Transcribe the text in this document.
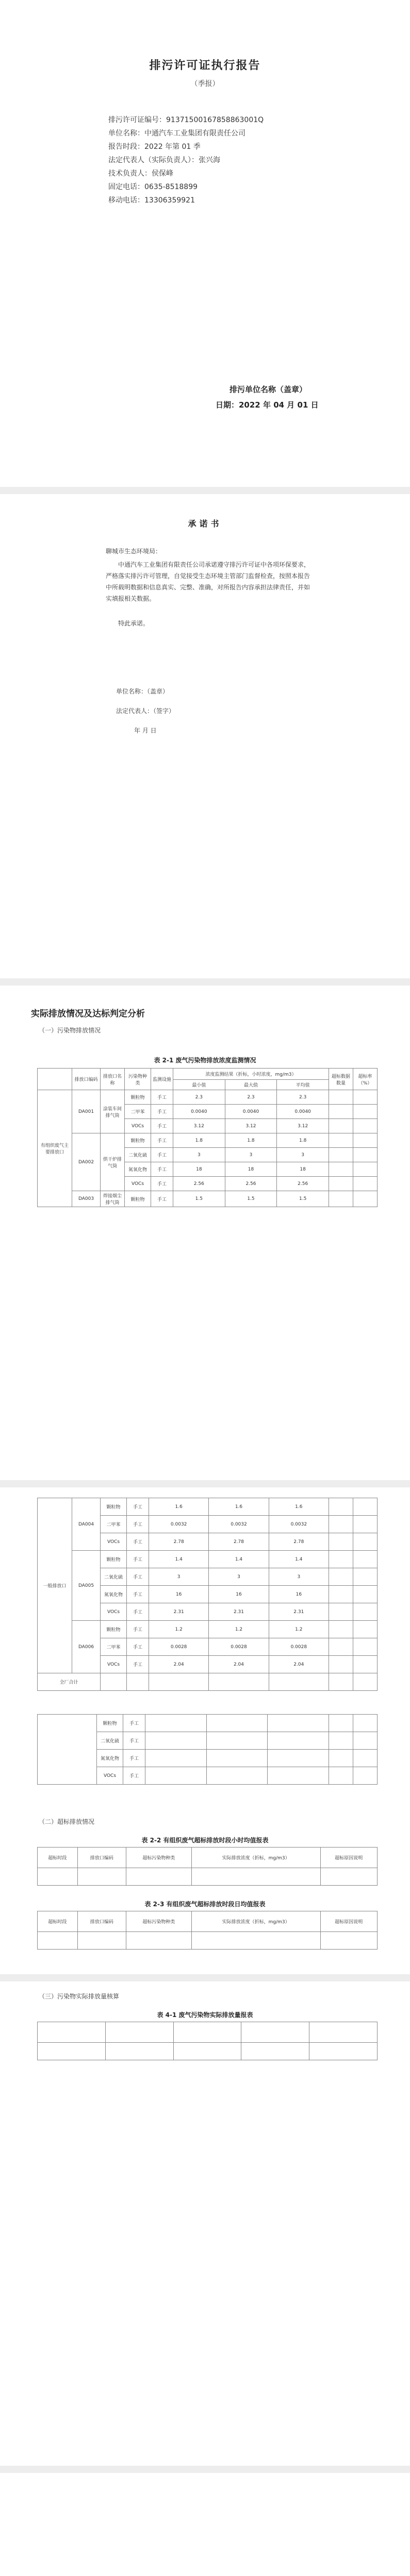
排污许可证执行报告
（季报）
排污许可证编号：91371500167858863001Q
单位名称：中通汽车工业集团有限责任公司
报告时段：2022 年第 01 季
法定代表人（实际负责人）：张兴海
技术负责人：侯保峰
固定电话：0635-8518899
移动电话：13306359921
排污单位名称（盖章）
日期：2022 年 04 月 01 日
承诺书
聊城市生态环境局：
中通汽车工业集团有限责任公司承诺遵守排污许可证中各项环保要求，严格落实排污许可管理，自觉接受生态环境主管部门监督检查，按照本报告中所载明数据和信息真实、完整、准确，对所报告内容承担法律责任，并如实填报相关数据。
特此承诺。
单位名称：（盖章）
法定代表人：（签字）
年 月 日
实际排放情况及达标判定分析
（一）污染物排放情况
表 2-1 废气污染物排放浓度监测情况
	排放口编码	排放口名称	污染物种类	监测设施	浓度监测结果（折标，小时浓度，mg/m3）			超标数据数量	超标率（%）
					最小值	最大值	平均值		
有组织废气主要排放口	DA001	涂装车间排气筒	颗粒物	手工	2.3	2.3	2.3		
			二甲苯	手工	0.0040	0.0040	0.0040		
			VOCs	手工	3.12	3.12	3.12		
	DA002	烘干炉排气筒	颗粒物	手工	1.8	1.8	1.8		
			二氧化硫	手工	3	3	3		
			氮氧化物	手工	18	18	18		
			VOCs	手工	2.56	2.56	2.56		
	DA003	焊接烟尘排气筒	颗粒物	手工	1.5	1.5	1.5		
一般排放口	DA004	颗粒物	手工	1.6	1.6	1.6		
		二甲苯	手工	0.0032	0.0032	0.0032		
		VOCs	手工	2.78	2.78	2.78		
	DA005	颗粒物	手工	1.4	1.4	1.4		
		二氧化硫	手工	3	3	3		
		氮氧化物	手工	16	16	16		
		VOCs	手工	2.31	2.31	2.31		
	DA006	颗粒物	手工	1.2	1.2	1.2		
		二甲苯	手工	0.0028	0.0028	0.0028		
		VOCs	手工	2.04	2.04	2.04		
全厂合计								
	颗粒物	手工					
	二氧化硫	手工					
	氮氧化物	手工					
	VOCs	手工					
（二）超标排放情况
表 2-2 有组织废气超标排放时段小时均值报表
超标时段	排放口编码	超标污染物种类	实际排放浓度（折标，mg/m3）	超标原因说明

表 2-3 有组织废气超标排放时段日均值报表
超标时段	排放口编码	超标污染物种类	实际排放浓度（折标，mg/m3）	超标原因说明

（三）污染物实际排放量核算
表 4-1 废气污染物实际排放量报表
